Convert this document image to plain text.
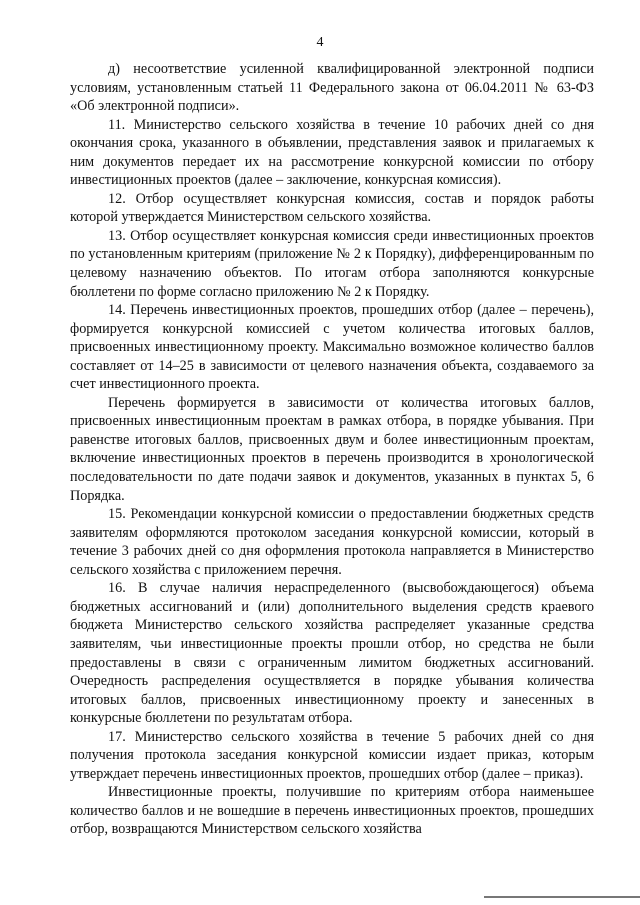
4

д) несоответствие усиленной квалифицированной электронной подписи условиям, установленным статьей 11 Федерального закона от 06.04.2011 № 63-ФЗ «Об электронной подписи».

11. Министерство сельского хозяйства в течение 10 рабочих дней со дня окончания срока, указанного в объявлении, представления заявок и прилагаемых к ним документов передает их на рассмотрение конкурсной комиссии по отбору инвестиционных проектов (далее – заключение, конкурсная комиссия).

12. Отбор осуществляет конкурсная комиссия, состав и порядок работы которой утверждается Министерством сельского хозяйства.

13. Отбор осуществляет конкурсная комиссия среди инвестиционных проектов по установленным критериям (приложение № 2 к Порядку), дифференцированным по целевому назначению объектов. По итогам отбора заполняются конкурсные бюллетени по форме согласно приложению № 2 к Порядку.

14. Перечень инвестиционных проектов, прошедших отбор (далее – перечень), формируется конкурсной комиссией с учетом количества итоговых баллов, присвоенных инвестиционному проекту. Максимально возможное количество баллов составляет от 14–25 в зависимости от целевого назначения объекта, создаваемого за счет инвестиционного проекта.

Перечень формируется в зависимости от количества итоговых баллов, присвоенных инвестиционным проектам в рамках отбора, в порядке убывания. При равенстве итоговых баллов, присвоенных двум и более инвестиционным проектам, включение инвестиционных проектов в перечень производится в хронологической последовательности по дате подачи заявок и документов, указанных в пунктах 5, 6 Порядка.

15. Рекомендации конкурсной комиссии о предоставлении бюджетных средств заявителям оформляются протоколом заседания конкурсной комиссии, который в течение 3 рабочих дней со дня оформления протокола направляется в Министерство сельского хозяйства с приложением перечня.

16. В случае наличия нераспределенного (высвобождающегося) объема бюджетных ассигнований и (или) дополнительного выделения средств краевого бюджета Министерство сельского хозяйства распределяет указанные средства заявителям, чьи инвестиционные проекты прошли отбор, но средства не были предоставлены в связи с ограниченным лимитом бюджетных ассигнований. Очередность распределения осуществляется в порядке убывания количества итоговых баллов, присвоенных инвестиционному проекту и занесенных в конкурсные бюллетени по результатам отбора.

17. Министерство сельского хозяйства в течение 5 рабочих дней со дня получения протокола заседания конкурсной комиссии издает приказ, которым утверждает перечень инвестиционных проектов, прошедших отбор (далее – приказ).

Инвестиционные проекты, получившие по критериям отбора наименьшее количество баллов и не вошедшие в перечень инвестиционных проектов, прошедших отбор, возвращаются Министерством сельского хозяйства
